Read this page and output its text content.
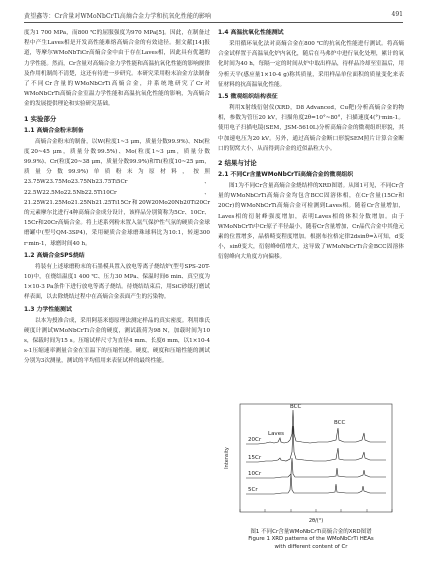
黄望鑫等：Cr含量对WMoNbCrTi高熵合金力学和抗氧化性能的影响	491

度为1 700 MPa，而800 ℃的屈服强度为970 MPa[5]。因此，在制备过程中产生Laves相是开发高性能难熔高熵合金的有效途径。据文献[14]报道，等摩尔WMoNbTiCr高熵合金中由于存在Laves相，因此具有优越的力学性能。然而，Cr含量对高熵合金力学性能和高温抗氧化性能的影响规律及作用机制尚不清楚，这还有待进一步研究。本研究采用粉末冶金方法制备了不同Cr含量的WMoNbCrTi高熵合金，并系统地研究了Cr对WMoNbCrTi高熵合金室温力学性能和高温抗氧化性能的影响，为高熵合金的发展提供理论和实验研究基础。

1 实验部分
1.1 高熵合金粉末制备

高熵合金粉末的制备，以W(粒度1~3 μm，质量分数99.9%)、Nb(粒度20~45 μm，质量分数99.5%)、Mo(粒度1~3 μm，质量分数99.9%)、Cr(粒度20~38 μm，质量分数99.9%)和Ti(粒度10~25 μm，质量分数99.9%)单质粉末为原材料，按照23.75W23.75Mo23.75Nb23.75Ti5Cr、22.5W22.5Mo22.5Nb22.5Ti10Cr、21.25W21.25Mo21.25Nb21.25Ti15Cr和20W20Mo20Nb20Ti20Cr的元素摩尔比进行4种高熵合金成分设计，该样品分别简称为5Cr、10Cr、15Cr和20Cr高熵合金。将上述系列粉末置入氩气保护性气氛的硬质合金球磨罐中(型号QM-3SP4)，采用硬质合金球磨珠球料比为10:1，转速300 r·min-1，球磨时间40 h。

1.2 高熵合金SPS烧结

将装有上述球磨粉末的石墨模具置入放电等离子烧结炉(型号SPS-20T-10)中，在烧结温度1 400 ℃、压力30 MPa、保温时间6 min、真空度为1×10-3 Pa条件下进行放电等离子烧结。待烧结结束后，用SiC砂纸打磨试样表面，以去除烧结过程中在高熵合金表面产生的污染物。

1.3 力学性能测试

以本为授准合成，采用阿基米德原理法测定样品的真实密度。利用维氏硬度计测试WMoNbCrTi合金的硬度，测试载荷为98 N，加载时间为10 s，保载时间为15 s。压缩试样尺寸为直径4 mm、长度6 mm，以1×10-4 s-1压缩速率测量合金在室温下的压缩性能。硬度，硬度和压缩性能的测试分别为3次测量，测试的平均值用来表征试样的最终性能。

1.4 高温抗氧化性能测试

采用循环氧化法对高熵合金在800 ℃的抗氧化性能进行测试。将高熵合金试样置于高温氧化炉内氧化，随后在马弗炉中进行氧化处理，累计的氧化时间为40 h，每隔一定的时间从炉中取出样品，待样品冷却至室温后，用分析天平(感应量1×10-4 g)称其质量，采用样品单位面积的质量变化来表征材料的抗高温氧化性能。

1.5 微观组织结构表征

利用X射线衍射仪(XRD，D8 Advanced，Cu靶)分析高熵合金的物相，参数为管压20 kV，扫描角度2θ=10°~80°，扫描速度4(°)·min-1。使用电子扫描电镜(SEM，JSM-5610L)分析高熵合金的微观组织形貌，其中加速电压为20 kV。另外，通过高熵合金断口形貌SEM照片计算合金断口的韧窝大小，从而得到合金的近似晶粒大小。

2 结果与讨论
2.1 不同Cr含量WMoNbCrTi高熵合金的微观组织

图1为不同Cr含量高熵合金烧结样的XRD图谱。从图1可见，不同Cr含量的WMoNbCrTi高熵合金均包含BCC固溶体相，在Cr含量(15Cr和20Cr)的WMoNbCrTi高熵合金可检测到Laves相。随着Cr含量增加，Laves相的衍射峰强度增加，表明Laves相的体积分数增加。由于WMoNbCrTi中Cr原子半径最小，随着Cr含量增加，Cr晶代合金中其他元素的位置增多，晶格畸变程度增加。根据布拉格定律2dsinθ=λ可知，d变小，sinθ变大，衍射峰θ值增大，这导致了WMoNbCrTi合金BCC固溶体衍射峰向大角度方向偏移。

BCC
BCC
Laves
20Cr
15Cr
10Cr
5Cr
2θ/(°)
Intensity
图1 不同Cr含量WMoNbCrTi高熵合金的XRD图谱
Figure 1 XRD patterns of the WMoNbCrTi HEAs
with different content of Cr
